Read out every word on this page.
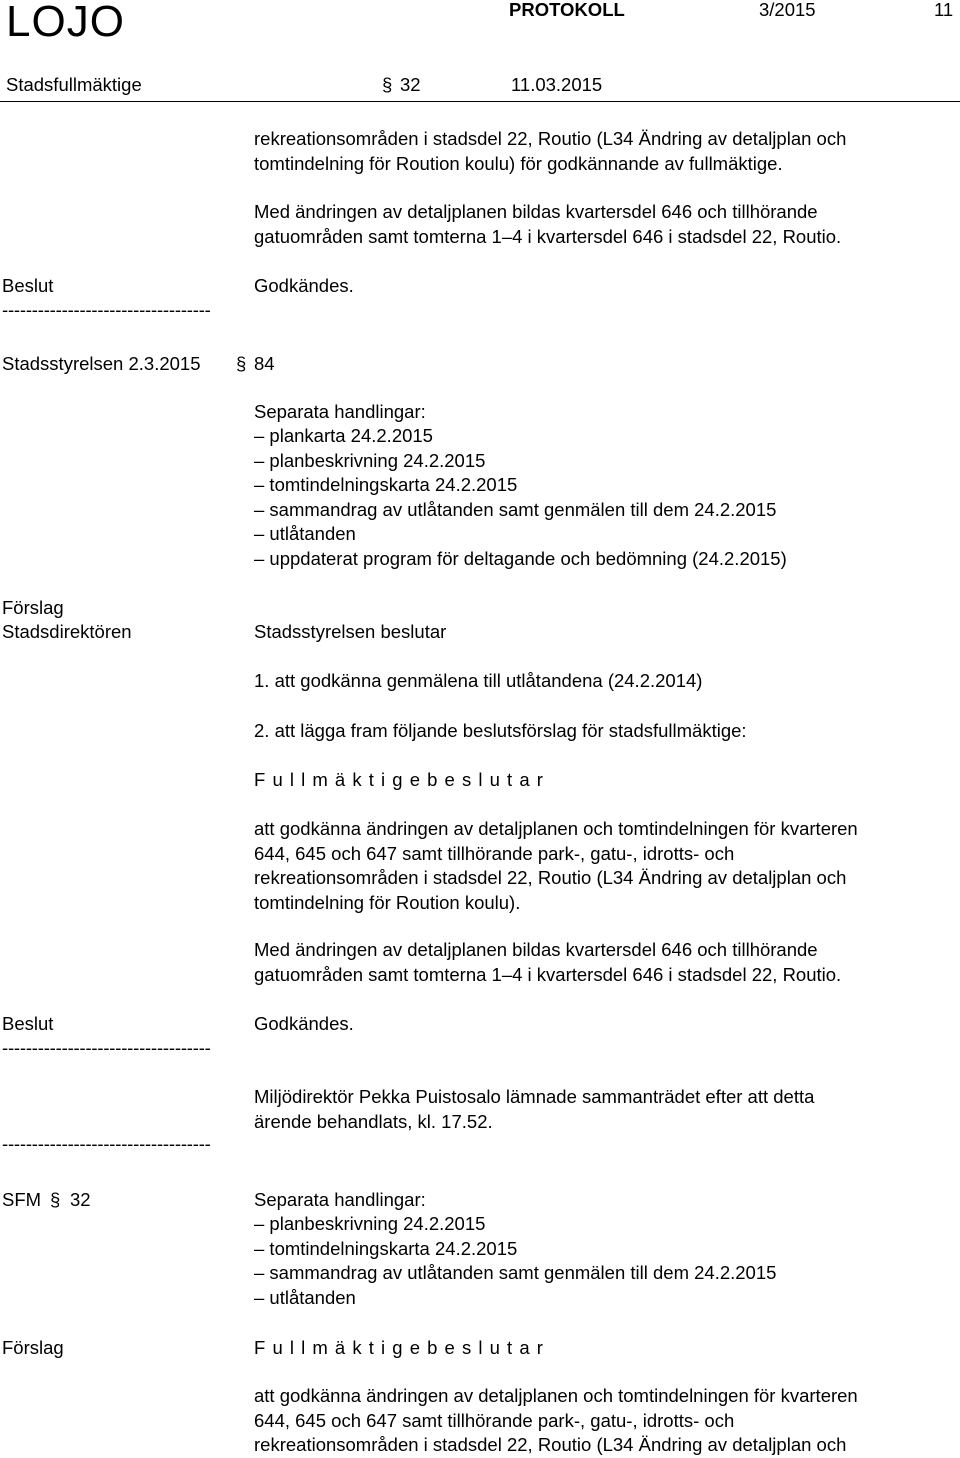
LOJO	PROTOKOLL	3/2015	11
Stadsfullmäktige	§ 32	11.03.2015
rekreationsområden i stadsdel 22, Routio (L34 Ändring av detaljplan och
tomtindelning för Roution koulu) för godkännande av fullmäktige.
Med ändringen av detaljplanen bildas kvartersdel 646 och tillhörande
gatuområden samt tomterna 1–4 i kvartersdel 646 i stadsdel 22, Routio.
Beslut	Godkändes.
-----------------------------------
Stadsstyrelsen 2.3.2015 § 84
Separata handlingar:
– plankarta 24.2.2015
– planbeskrivning 24.2.2015
– tomtindelningskarta 24.2.2015
– sammandrag av utlåtanden samt genmälen till dem 24.2.2015
– utlåtanden
– uppdaterat program för deltagande och bedömning (24.2.2015)
Förslag
Stadsdirektören	Stadsstyrelsen beslutar
1. att godkänna genmälena till utlåtandena (24.2.2014)
2. att lägga fram följande beslutsförslag för stadsfullmäktige:
F u l l m ä k t i g e b e s l u t a r
att godkänna ändringen av detaljplanen och tomtindelningen för kvarteren
644, 645 och 647 samt tillhörande park-, gatu-, idrotts- och
rekreationsområden i stadsdel 22, Routio (L34 Ändring av detaljplan och
tomtindelning för Roution koulu).
Med ändringen av detaljplanen bildas kvartersdel 646 och tillhörande
gatuområden samt tomterna 1–4 i kvartersdel 646 i stadsdel 22, Routio.
Beslut	Godkändes.
-----------------------------------
Miljödirektör Pekka Puistosalo lämnade sammanträdet efter att detta
ärende behandlats, kl. 17.52.
-----------------------------------
SFM § 32	Separata handlingar:
– planbeskrivning 24.2.2015
– tomtindelningskarta 24.2.2015
– sammandrag av utlåtanden samt genmälen till dem 24.2.2015
– utlåtanden
Förslag	F u l l m ä k t i g e b e s l u t a r
att godkänna ändringen av detaljplanen och tomtindelningen för kvarteren
644, 645 och 647 samt tillhörande park-, gatu-, idrotts- och
rekreationsområden i stadsdel 22, Routio (L34 Ändring av detaljplan och
